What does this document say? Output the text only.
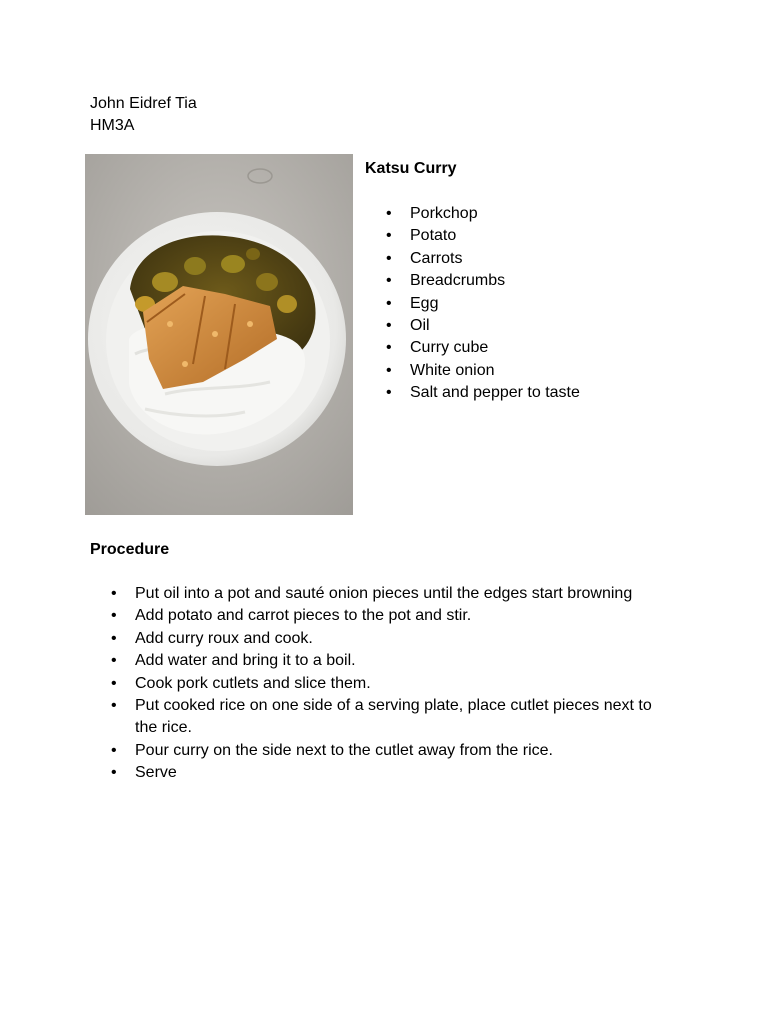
John Eidref Tia
HM3A
Katsu Curry
• Porkchop
• Potato
• Carrots
• Breadcrumbs
• Egg
• Oil
• Curry cube
• White onion
• Salt and pepper to taste
Procedure
• Put oil into a pot and sauté onion pieces until the edges start browning
• Add potato and carrot pieces to the pot and stir.
• Add curry roux and cook.
• Add water and bring it to a boil.
• Cook pork cutlets and slice them.
• Put cooked rice on one side of a serving plate, place cutlet pieces next to the rice.
• Pour curry on the side next to the cutlet away from the rice.
• Serve
